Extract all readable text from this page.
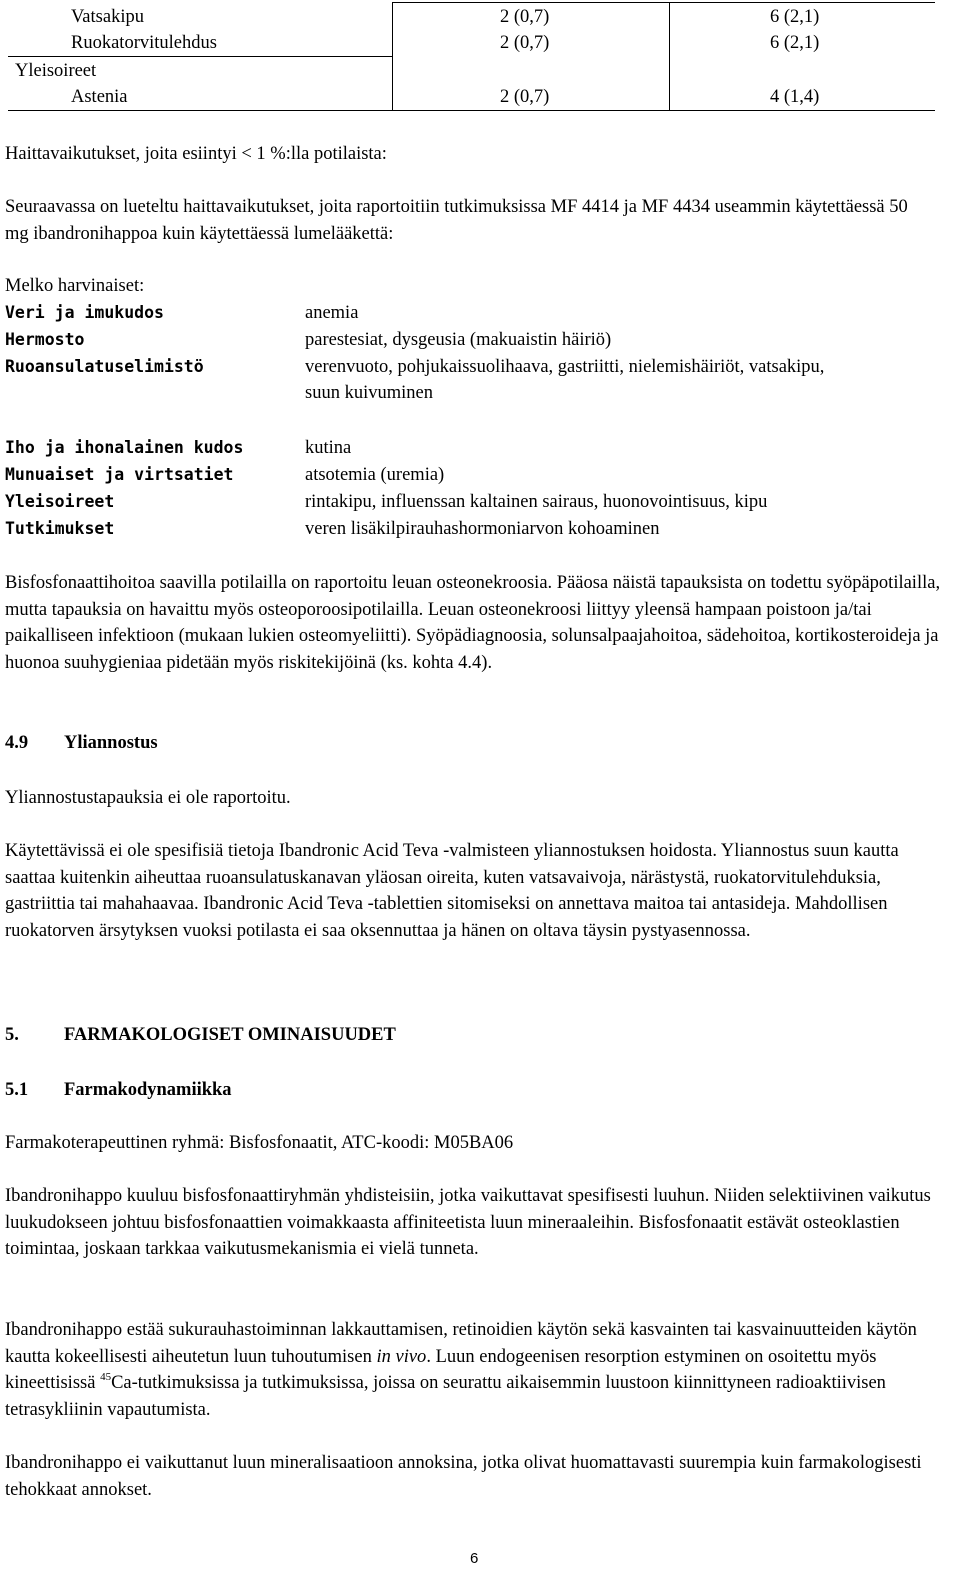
Vatsakipu	2 (0,7)	6 (2,1)
Ruokatorvitulehdus	2 (0,7)	6 (2,1)
Yleisoireet
Astenia	2 (0,7)	4 (1,4)
Haittavaikutukset, joita esiintyi < 1 %:lla potilaista:

Seuraavassa on lueteltu haittavaikutukset, joita raportoitiin tutkimuksissa MF 4414 ja MF 4434 useammin käytettäessä 50 mg ibandronihappoa kuin käytettäessä lumelääkettä:

Melko harvinaiset:
Veri ja imukudos	anemia
Hermosto	parestesiat, dysgeusia (makuaistin häiriö)
Ruoansulatuselimistö	verenvuoto, pohjukaissuolihaava, gastriitti, nielemishäiriöt, vatsakipu,
suun kuivuminen
Iho ja ihonalainen kudos	kutina
Munuaiset ja virtsatiet	atsotemia (uremia)
Yleisoireet	rintakipu, influenssan kaltainen sairaus, huonovointisuus, kipu
Tutkimukset	veren lisäkilpirauhashormoniarvon kohoaminen

Bisfosfonaattihoitoa saavilla potilailla on raportoitu leuan osteonekroosia. Pääosa näistä tapauksista on todettu syöpäpotilailla, mutta tapauksia on havaittu myös osteoporoosipotilailla. Leuan osteonekroosi liittyy yleensä hampaan poistoon ja/tai paikalliseen infektioon (mukaan lukien osteomyeliitti). Syöpädiagnoosia, solunsalpaajahoitoa, sädehoitoa, kortikosteroideja ja huonoa suuhygieniaa pidetään myös riskitekijöinä (ks. kohta 4.4).

4.9 Yliannostus
Yliannostustapauksia ei ole raportoitu.

Käytettävissä ei ole spesifisiä tietoja Ibandronic Acid Teva -valmisteen yliannostuksen hoidosta. Yliannostus suun kautta saattaa kuitenkin aiheuttaa ruoansulatuskanavan yläosan oireita, kuten vatsavaivoja, närästystä, ruokatorvitulehduksia, gastriittia tai mahahaavaa. Ibandronic Acid Teva -tablettien sitomiseksi on annettava maitoa tai antasideja. Mahdollisen ruokatorven ärsytyksen vuoksi potilasta ei saa oksennuttaa ja hänen on oltava täysin pystyasennossa.

5. FARMAKOLOGISET OMINAISUUDET
5.1 Farmakodynamiikka
Farmakoterapeuttinen ryhmä: Bisfosfonaatit, ATC-koodi: M05BA06

Ibandronihappo kuuluu bisfosfonaattiryhmän yhdisteisiin, jotka vaikuttavat spesifisesti luuhun. Niiden selektiivinen vaikutus luukudokseen johtuu bisfosfonaattien voimakkaasta affiniteetista luun mineraaleihin. Bisfosfonaatit estävät osteoklastien toimintaa, joskaan tarkkaa vaikutusmekanismia ei vielä tunneta.

Ibandronihappo estää sukurauhastoiminnan lakkauttamisen, retinoidien käytön sekä kasvainten tai kasvainuutteiden käytön kautta kokeellisesti aiheutetun luun tuhoutumisen in vivo. Luun endogeenisen resorption estyminen on osoitettu myös kineettisissä $^{45}$Ca-tutkimuksissa ja tutkimuksissa, joissa on seurattu aikaisemmin luustoon kiinnittyneen radioaktiivisen tetrasykliinin vapautumista.

Ibandronihappo ei vaikuttanut luun mineralisaatioon annoksina, jotka olivat huomattavasti suurempia kuin farmakologisesti tehokkaat annokset.

6
